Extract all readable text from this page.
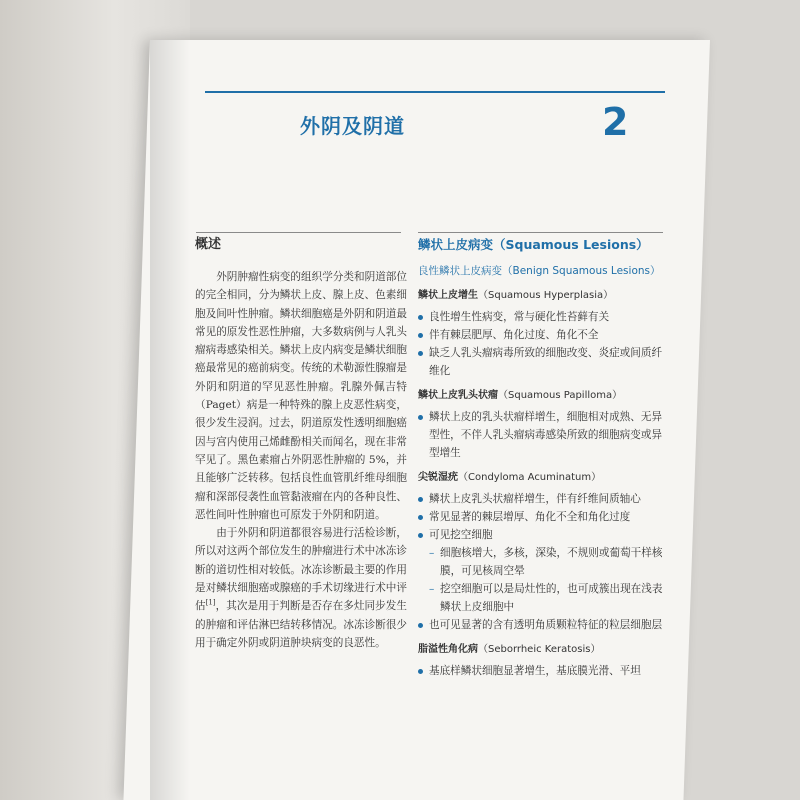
外阴及阴道	2
概述

外阴肿瘤性病变的组织学分类和阴道部位的完全相同，分为鳞状上皮、腺上皮、色素细胞及间叶性肿瘤。鳞状细胞癌是外阴和阴道最常见的原发性恶性肿瘤，大多数病例与人乳头瘤病毒感染相关。鳞状上皮内病变是鳞状细胞癌最常见的癌前病变。传统的术勒源性腺瘤是外阴和阴道的罕见恶性肿瘤。乳腺外佩吉特（Paget）病是一种特殊的腺上皮恶性病变，很少发生浸润。过去，阴道原发性透明细胞癌因与宫内使用己烯雌酚相关而闻名，现在非常罕见了。黑色素瘤占外阴恶性肿瘤的 5%，并且能够广泛转移。包括良性血管肌纤维母细胞瘤和深部侵袭性血管黏液瘤在内的各种良性、恶性间叶性肿瘤也可原发于外阴和阴道。

由于外阴和阴道都很容易进行活检诊断，所以对这两个部位发生的肿瘤进行术中冰冻诊断的道切性相对较低。冰冻诊断最主要的作用是对鳞状细胞癌或腺癌的手术切缘进行术中评估[1]，其次是用于判断是否存在多灶同步发生的肿瘤和评估淋巴结转移情况。冰冻诊断很少用于确定外阴或阴道肿块病变的良恶性。

鳞状上皮病变（Squamous Lesions）
良性鳞状上皮病变（Benign Squamous Lesions）
鳞状上皮增生（Squamous Hyperplasia）
良性增生性病变，常与硬化性苔藓有关
伴有棘层肥厚、角化过度、角化不全
缺乏人乳头瘤病毒所致的细胞改变、炎症或间质纤维化
鳞状上皮乳头状瘤（Squamous Papilloma）
鳞状上皮的乳头状瘤样增生，细胞相对成熟、无异型性，不伴人乳头瘤病毒感染所致的细胞病变或异型增生
尖锐湿疣（Condyloma Acuminatum）
鳞状上皮乳头状瘤样增生，伴有纤维间质轴心
常见显著的棘层增厚、角化不全和角化过度
可见挖空细胞
– 细胞核增大，多核，深染，不规则或葡萄干样核膜，可见核周空晕
– 挖空细胞可以是局灶性的，也可成簇出现在浅表鳞状上皮细胞中
也可见显著的含有透明角质颗粒特征的粒层细胞层
脂溢性角化病（Seborrheic Keratosis）
基底样鳞状细胞显著增生，基底膜光滑、平坦
